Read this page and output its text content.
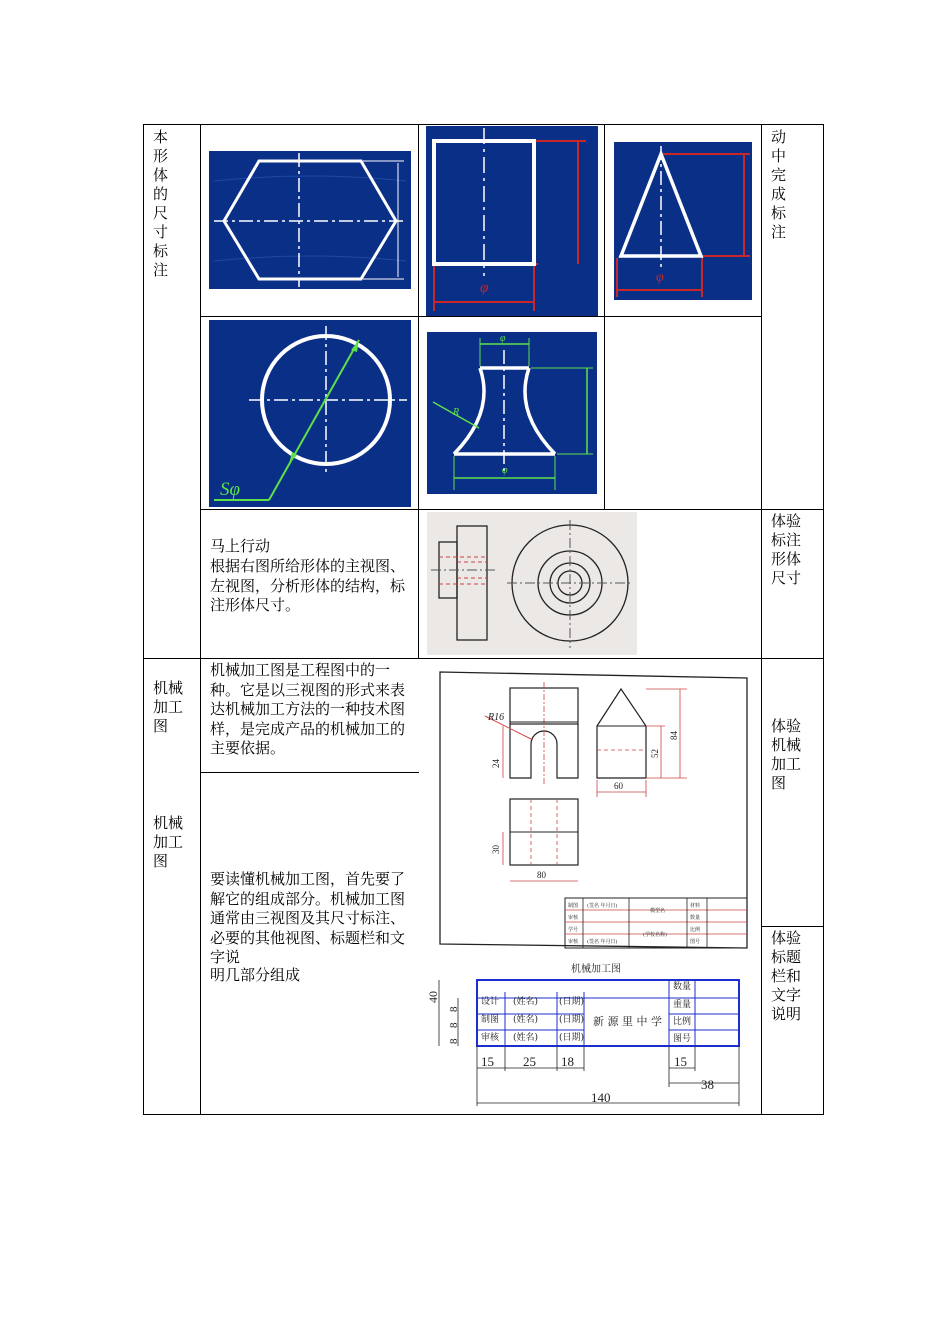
本形体的尺寸标注
机械加工图
机械加工图
动中完成标注
体验标注形体尺寸
体验机械加工图
体验标题栏和文字说明
马上行动
根据右图所给形体的主视图、左视图，分析形体的结构，标注形体尺寸。
机械加工图是工程图中的一种。它是以三视图的形式来表达机械加工方法的一种技术图样，是完成产品的机械加工的主要依据。
要读懂机械加工图，首先要了解它的组成部分。机械加工图通常由三视图及其尺寸标注、必要的其他视图、标题栏和文字说
明几部分组成
φ
φ
Sφ
φ
φ
R
R16
24
84
52
60
30
80
制图
审核
学号
审核
(签名 年月日)
(签名 年月日)
模型名
(学校名称)
材料
数量
比例
图号
机械加工图
设计 (姓名) (日期)
制图 (姓名) (日期)
审核 (姓名) (日期)
新 源 里 中 学
数量
重量
比例
图号
40
8
8
8
15 25 18	15
38
140
